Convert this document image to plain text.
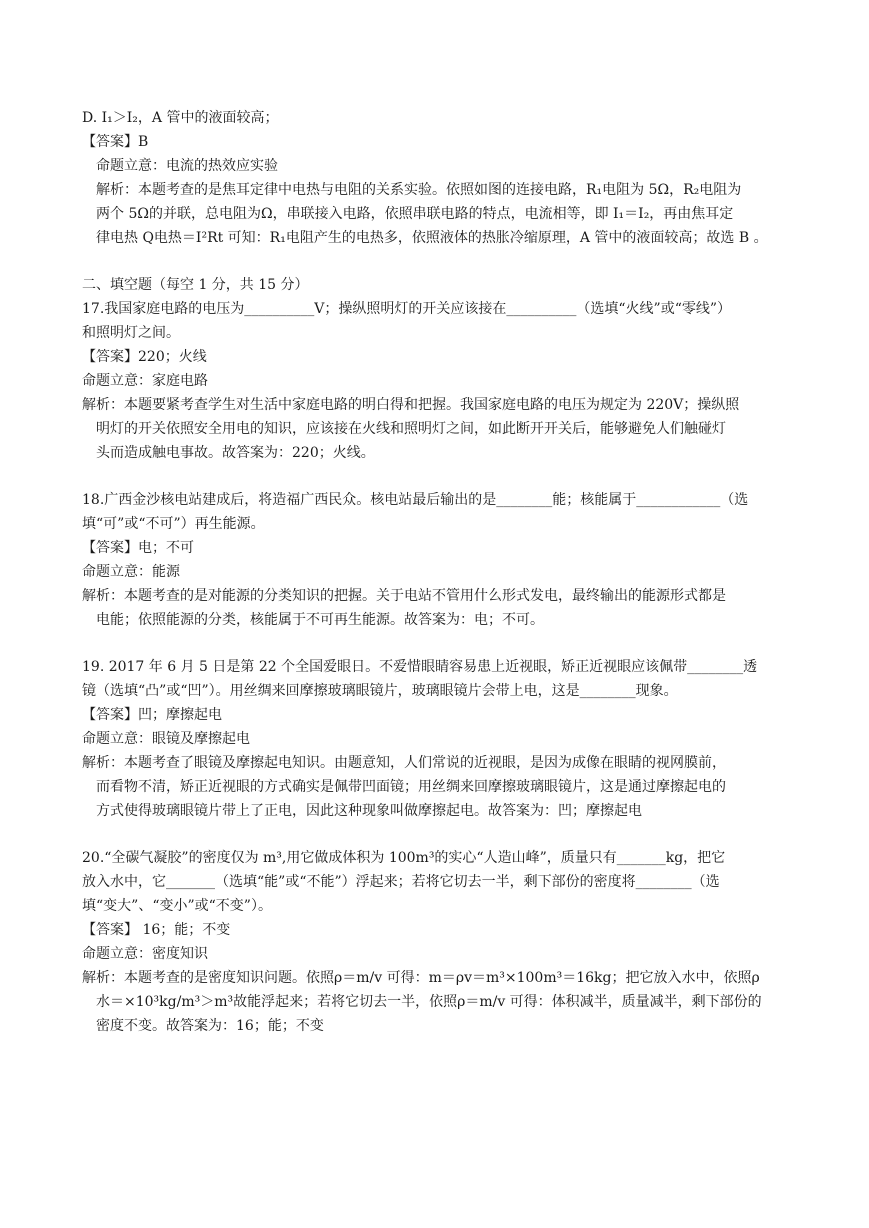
D. I₁＞I₂，A 管中的液面较高；
【答案】B
命题立意：电流的热效应实验
解析：本题考查的是焦耳定律中电热与电阻的关系实验。依照如图的连接电路，R₁电阻为 5Ω，R₂电阻为
两个 5Ω的并联，总电阻为Ω，串联接入电路，依照串联电路的特点，电流相等，即 I₁＝I₂，再由焦耳定
律电热 Q电热＝I²Rt 可知：R₁电阻产生的电热多，依照液体的热胀冷缩原理，A 管中的液面较高；故选 B 。
二、填空题（每空 1 分，共 15 分）
17.我国家庭电路的电压为__________V；操纵照明灯的开关应该接在__________（选填“火线”或“零线”）
和照明灯之间。
【答案】220；火线
命题立意：家庭电路
解析：本题要紧考查学生对生活中家庭电路的明白得和把握。我国家庭电路的电压为规定为 220V；操纵照
明灯的开关依照安全用电的知识，应该接在火线和照明灯之间，如此断开开关后，能够避免人们触碰灯
头而造成触电事故。故答案为：220；火线。
18.广西金沙核电站建成后，将造福广西民众。核电站最后输出的是________能；核能属于____________（选
填“可”或“不可”）再生能源。
【答案】电；不可
命题立意：能源
解析：本题考查的是对能源的分类知识的把握。关于电站不管用什么形式发电，最终输出的能源形式都是
电能；依照能源的分类，核能属于不可再生能源。故答案为：电；不可。
19. 2017 年 6 月 5 日是第 22 个全国爱眼日。不爱惜眼睛容易患上近视眼，矫正近视眼应该佩带________透
镜（选填“凸”或“凹”）。用丝绸来回摩擦玻璃眼镜片，玻璃眼镜片会带上电，这是________现象。
【答案】凹；摩擦起电
命题立意：眼镜及摩擦起电
解析：本题考查了眼镜及摩擦起电知识。由题意知，人们常说的近视眼，是因为成像在眼睛的视网膜前，
而看物不清，矫正近视眼的方式确实是佩带凹面镜；用丝绸来回摩擦玻璃眼镜片，这是通过摩擦起电的
方式使得玻璃眼镜片带上了正电，因此这种现象叫做摩擦起电。故答案为：凹；摩擦起电
20.“全碳气凝胶”的密度仅为 m³,用它做成体积为 100m³的实心“人造山峰”，质量只有_______kg，把它
放入水中，它_______（选填“能”或“不能”）浮起来；若将它切去一半，剩下部份的密度将________（选
填“变大”、“变小”或“不变”）。
【答案】 16；能；不变
命题立意：密度知识
解析：本题考查的是密度知识问题。依照ρ＝m/v 可得：m＝ρv＝m³×100m³＝16kg；把它放入水中，依照ρ
水＝×10³kg/m³＞m³故能浮起来；若将它切去一半，依照ρ＝m/v 可得：体积减半，质量减半，剩下部份的
密度不变。故答案为：16；能；不变
